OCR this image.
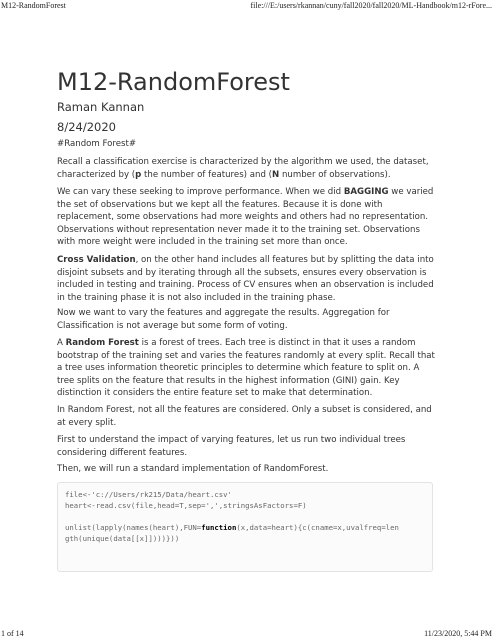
M12-RandomForest	file:///E:/users/rkannan/cuny/fall2020/fall2020/ML-Handbook/m12-rFore...
M12-RandomForest
Raman Kannan
8/24/2020

#Random Forest#

Recall a classification exercise is characterized by the algorithm we used, the dataset, characterized by (p the number of features) and (N number of observations).

We can vary these seeking to improve performance. When we did BAGGING we varied the set of observations but we kept all the features. Because it is done with replacement, some observations had more weights and others had no representation. Observations without representation never made it to the training set. Observations with more weight were included in the training set more than once.

Cross Validation, on the other hand includes all features but by splitting the data into disjoint subsets and by iterating through all the subsets, ensures every observation is included in testing and training. Process of CV ensures when an observation is included in the training phase it is not also included in the training phase.

Now we want to vary the features and aggregate the results. Aggregation for Classification is not average but some form of voting.

A Random Forest is a forest of trees. Each tree is distinct in that it uses a random bootstrap of the training set and varies the features randomly at every split. Recall that a tree uses information theoretic principles to determine which feature to split on. A tree splits on the feature that results in the highest information (GINI) gain. Key distinction it considers the entire feature set to make that determination.

In Random Forest, not all the features are considered. Only a subset is considered, and at every split.

First to understand the impact of varying features, let us run two individual trees considering different features.

Then, we will run a standard implementation of RandomForest.

file<-'c://Users/rk215/Data/heart.csv'
heart<-read.csv(file,head=T,sep=',',stringsAsFactors=F)
unlist(lapply(names(heart),FUN=function(x,data=heart){c(cname=x,uvalfreq=len
gth(unique(data[[x]])))}))
1 of 14	11/23/2020, 5:44 PM
